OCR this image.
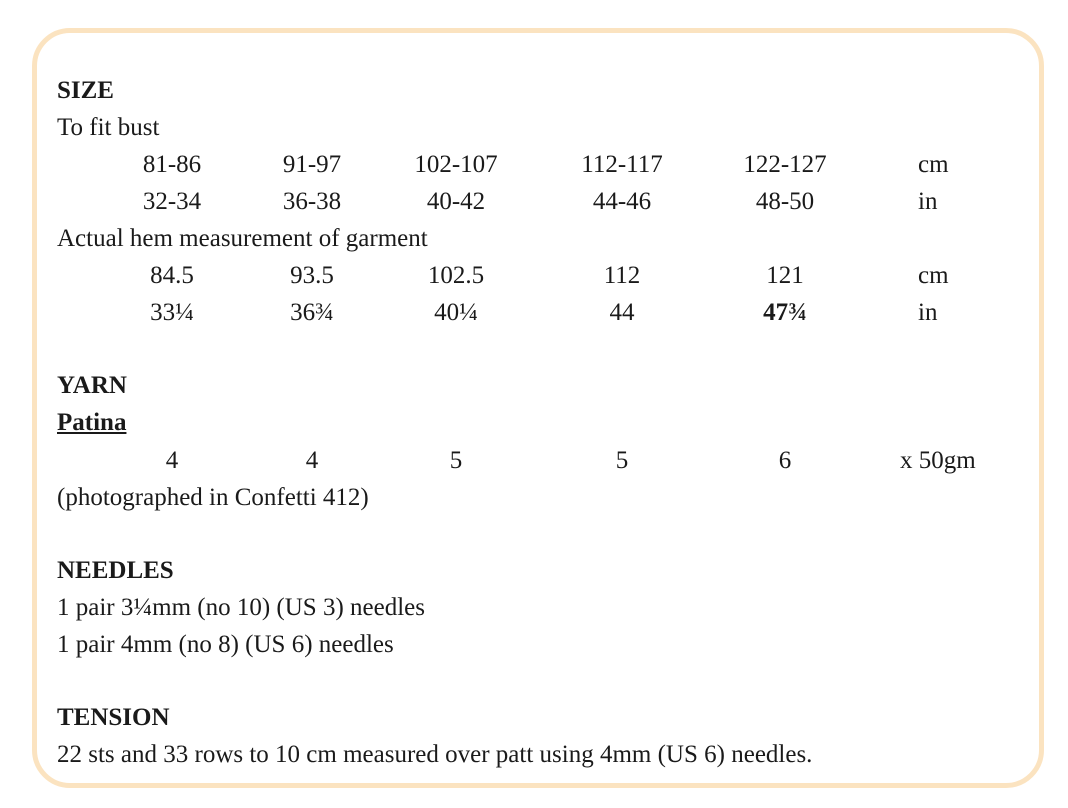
SIZE
To fit bust
81-86	91-97	102-107	112-117	122-127	cm
32-34	36-38	40-42	44-46	48-50	in
Actual hem measurement of garment
84.5	93.5	102.5	112	121	cm
33¼	36¾	40¼	44	47¾	in
YARN
Patina
4	4	5	5	6	x 50gm
(photographed in Confetti 412)
NEEDLES
1 pair 3¼mm (no 10) (US 3) needles
1 pair 4mm (no 8) (US 6) needles
TENSION
22 sts and 33 rows to 10 cm measured over patt using 4mm (US 6) needles.
